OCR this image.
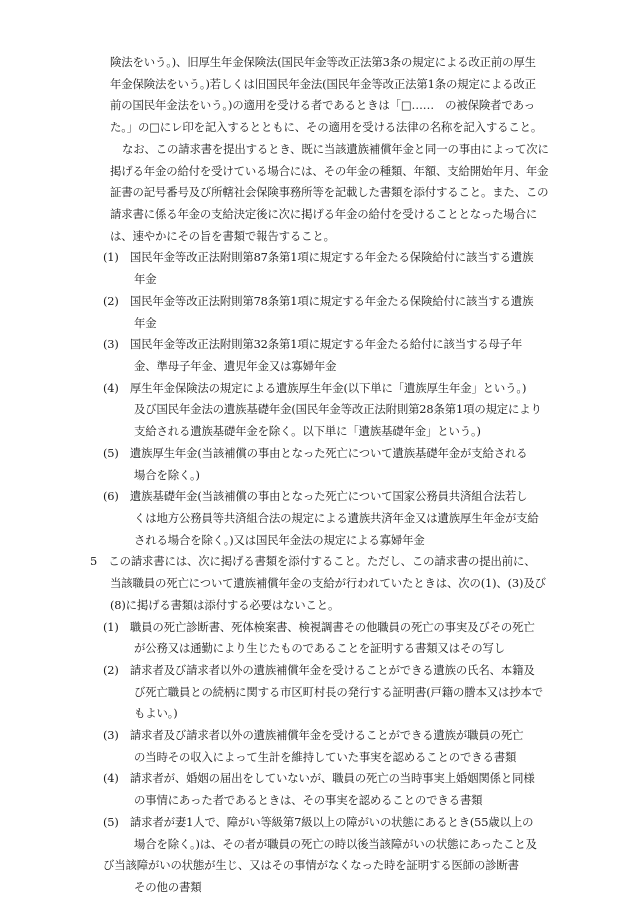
険法をいう。)、旧厚生年金保険法(国民年金等改正法第3条の規定による改正前の厚生
年金保険法をいう。)若しくは旧国民年金法(国民年金等改正法第1条の規定による改正
前の国民年金法をいう。)の適用を受ける者であるときは「□……　の被保険者であっ
た。」の□にレ印を記入するとともに、その適用を受ける法律の名称を記入すること。
なお、この請求書を提出するとき、既に当該遺族補償年金と同一の事由によって次に
掲げる年金の給付を受けている場合には、その年金の種類、年額、支給開始年月、年金
証書の記号番号及び所轄社会保険事務所等を記載した書類を添付すること。また、この
請求書に係る年金の支給決定後に次に掲げる年金の給付を受けることとなった場合に
は、速やかにその旨を書類で報告すること。
(1)　国民年金等改正法附則第87条第1項に規定する年金たる保険給付に該当する遺族
年金
(2)　国民年金等改正法附則第78条第1項に規定する年金たる保険給付に該当する遺族
年金
(3)　国民年金等改正法附則第32条第1項に規定する年金たる給付に該当する母子年
金、準母子年金、遺児年金又は寡婦年金
(4)　厚生年金保険法の規定による遺族厚生年金(以下単に「遺族厚生年金」という。)
及び国民年金法の遺族基礎年金(国民年金等改正法附則第28条第1項の規定により
支給される遺族基礎年金を除く。以下単に「遺族基礎年金」という。)
(5)　遺族厚生年金(当該補償の事由となった死亡について遺族基礎年金が支給される
場合を除く。)
(6)　遺族基礎年金(当該補償の事由となった死亡について国家公務員共済組合法若し
くは地方公務員等共済組合法の規定による遺族共済年金又は遺族厚生年金が支給
される場合を除く。)又は国民年金法の規定による寡婦年金
5　この請求書には、次に掲げる書類を添付すること。ただし、この請求書の提出前に、
当該職員の死亡について遺族補償年金の支給が行われていたときは、次の(1)、(3)及び
(8)に掲げる書類は添付する必要はないこと。
(1)　職員の死亡診断書、死体検案書、検視調書その他職員の死亡の事実及びその死亡
が公務又は通勤により生じたものであることを証明する書類又はその写し
(2)　請求者及び請求者以外の遺族補償年金を受けることができる遺族の氏名、本籍及
び死亡職員との続柄に関する市区町村長の発行する証明書(戸籍の謄本又は抄本で
もよい。)
(3)　請求者及び請求者以外の遺族補償年金を受けることができる遺族が職員の死亡
の当時その収入によって生計を維持していた事実を認めることのできる書類
(4)　請求者が、婚姻の届出をしていないが、職員の死亡の当時事実上婚姻関係と同様
の事情にあった者であるときは、その事実を認めることのできる書類
(5)　請求者が妻1人で、障がい等級第7級以上の障がいの状態にあるとき(55歳以上の
場合を除く。)は、その者が職員の死亡の時以後当該障がいの状態にあったこと及
び当該障がいの状態が生じ、又はその事情がなくなった時を証明する医師の診断書
その他の書類
